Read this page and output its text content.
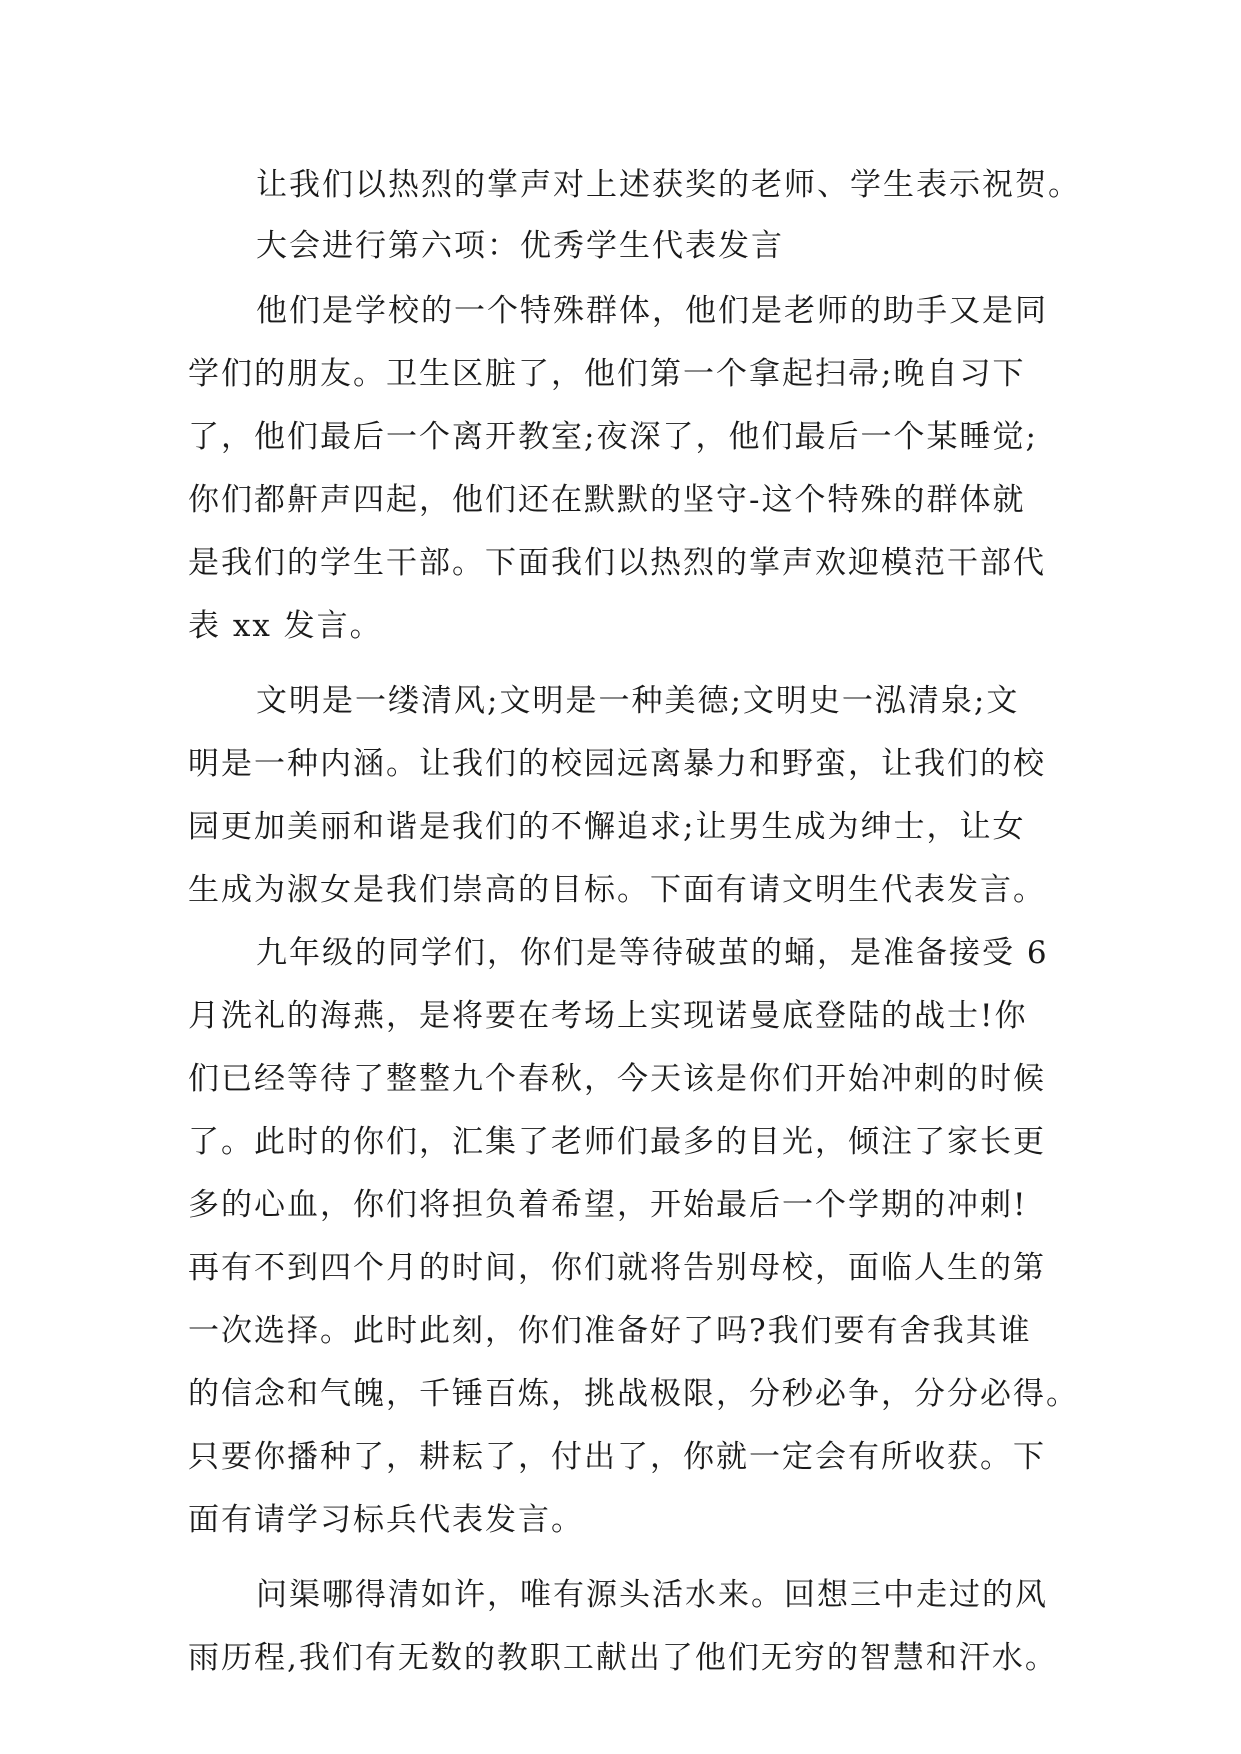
让我们以热烈的掌声对上述获奖的老师、学生表示祝贺。

大会进行第六项：优秀学生代表发言

他们是学校的一个特殊群体，他们是老师的助手又是同

学们的朋友。卫生区脏了，他们第一个拿起扫帚;晚自习下

了，他们最后一个离开教室;夜深了，他们最后一个某睡觉;

你们都鼾声四起，他们还在默默的坚守-这个特殊的群体就

是我们的学生干部。下面我们以热烈的掌声欢迎模范干部代

表 xx 发言。

文明是一缕清风;文明是一种美德;文明史一泓清泉;文

明是一种内涵。让我们的校园远离暴力和野蛮，让我们的校

园更加美丽和谐是我们的不懈追求;让男生成为绅士，让女

生成为淑女是我们崇高的目标。下面有请文明生代表发言。

九年级的同学们，你们是等待破茧的蛹，是准备接受 6

月洗礼的海燕，是将要在考场上实现诺曼底登陆的战士!你

们已经等待了整整九个春秋，今天该是你们开始冲刺的时候

了。此时的你们，汇集了老师们最多的目光，倾注了家长更

多的心血，你们将担负着希望，开始最后一个学期的冲刺!

再有不到四个月的时间，你们就将告别母校，面临人生的第

一次选择。此时此刻，你们准备好了吗?我们要有舍我其谁

的信念和气魄，千锤百炼，挑战极限，分秒必争，分分必得。

只要你播种了，耕耘了，付出了，你就一定会有所收获。下

面有请学习标兵代表发言。

问渠哪得清如许，唯有源头活水来。回想三中走过的风

雨历程,我们有无数的教职工献出了他们无穷的智慧和汗水。
